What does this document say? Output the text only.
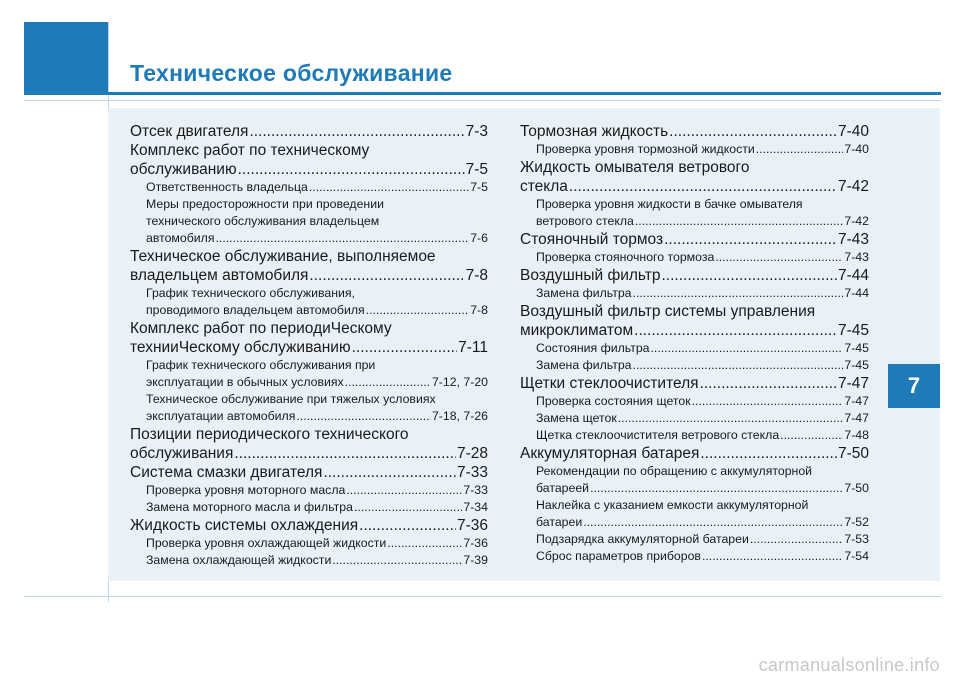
Техническое обслуживание
Отсек двигателя .....	7-3
Комплекс работ по техническому
обслуживанию .....	7-5
Ответственность владельца .....	7-5
Меры предосторожности при проведении
технического обслуживания владельцем
автомобиля .....	7-6
Техническое обслуживание, выполняемое
владельцем автомобиля .....	7-8
График технического обслуживания,
проводимого владельцем автомобиля .....	7-8
Комплекс работ по периодиЧескому
технииЧескому обслуживанию .....	7-11
График технического обслуживания при
эксплуатации в обычных условиях .....	7-12, 7-20
Техническое обслуживание при тяжелых условиях
эксплуатации автомобиля .....	7-18, 7-26
Позиции периодического технического
обслуживания .....	7-28
Система смазки двигателя .....	7-33
Проверка уровня моторного масла .....	7-33
Замена моторного масла и фильтра .....	7-34
Жидкость системы охлаждения .....	7-36
Проверка уровня охлаждающей жидкости .....	7-36
Замена охлаждающей жидкости .....	7-39
Тормозная жидкость .....	7-40
Проверка уровня тормозной жидкости .....	7-40
Жидкость омывателя ветрового
стекла .....	7-42
Проверка уровня жидкости в бачке омывателя
ветрового стекла .....	7-42
Стояночный тормоз .....	7-43
Проверка стояночного тормоза .....	7-43
Воздушный фильтр .....	7-44
Замена фильтра .....	7-44
Воздушный фильтр системы управления
микроклиматом .....	7-45
Состояния фильтра .....	7-45
Замена фильтра .....	7-45
Щетки стеклоочистителя .....	7-47
Проверка состояния щеток .....	7-47
Замена щеток .....	7-47
Щетка стеклоочистителя ветрового стекла .....	7-48
Аккумуляторная батарея .....	7-50
Рекомендации по обращению с аккумуляторной
батареей .....	7-50
Наклейка с указанием емкости аккумуляторной
батареи .....	7-52
Подзарядка аккумуляторной батареи .....	7-53
Сброс параметров приборов .....	7-54
7
carmanualsonline.info
